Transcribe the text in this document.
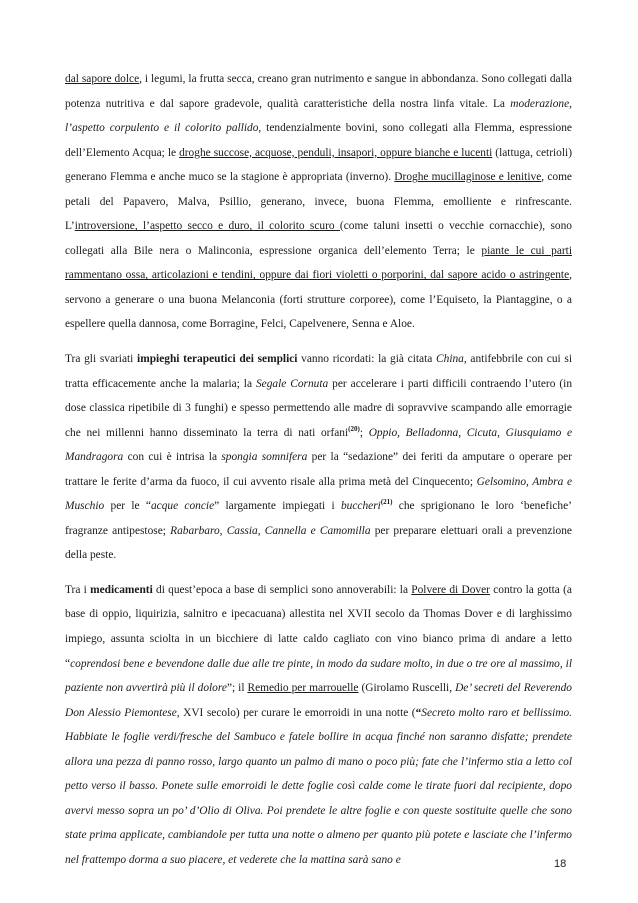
dal sapore dolce, i legumi, la frutta secca, creano gran nutrimento e sangue in abbondanza. Sono collegati dalla potenza nutritiva e dal sapore gradevole, qualità caratteristiche della nostra linfa vitale. La moderazione, l’aspetto corpulento e il colorito pallido, tendenzialmente bovini, sono collegati alla Flemma, espressione dell’Elemento Acqua; le droghe succose, acquose, penduli, insapori, oppure bianche e lucenti (lattuga, cetrioli) generano Flemma e anche muco se la stagione è appropriata (inverno). Droghe mucillaginose e lenitive, come petali del Papavero, Malva, Psillio, generano, invece, buona Flemma, emolliente e rinfrescante. L’introversione, l’aspetto secco e duro, il colorito scuro (come taluni insetti o vecchie cornacchie), sono collegati alla Bile nera o Malinconia, espressione organica dell’elemento Terra; le piante le cui parti rammentano ossa, articolazioni e tendini, oppure dai fiori violetti o porporini, dal sapore acido o astringente, servono a generare o una buona Melanconia (forti strutture corporee), come l’Equiseto, la Piantaggine, o a espellere quella dannosa, come Borragine, Felci, Capelvenere, Senna e Aloe.

Tra gli svariati impieghi terapeutici dei semplici vanno ricordati: la già citata China, antifebbrile con cui si tratta efficacemente anche la malaria; la Segale Cornuta per accelerare i parti difficili contraendo l’utero (in dose classica ripetibile di 3 funghi) e spesso permettendo alle madre di sopravvive scampando alle emorragie che nei millenni hanno disseminato la terra di nati orfani$^{(20)}$; Oppio, Belladonna, Cicuta, Giusquiamo e Mandragora con cui è intrisa la spongia somnifera per la “sedazione” dei feriti da amputare o operare per trattare le ferite d’arma da fuoco, il cui avvento risale alla prima metà del Cinquecento; Gelsomino, Ambra e Muschio per le “acque concie” largamente impiegati i buccheri$^{(21)}$ che sprigionano le loro ‘benefiche’ fragranze antipestose; Rabarbaro, Cassia, Cannella e Camomilla per preparare elettuari orali a prevenzione della peste.

Tra i medicamenti di quest’epoca a base di semplici sono annoverabili: la Polvere di Dover contro la gotta (a base di oppio, liquirizia, salnitro e ipecacuana) allestita nel XVII secolo da Thomas Dover e di larghissimo impiego, assunta sciolta in un bicchiere di latte caldo cagliato con vino bianco prima di andare a letto “coprendosi bene e bevendone dalle due alle tre pinte, in modo da sudare molto, in due o tre ore al massimo, il paziente non avvertirà più il dolore”; il Remedio per marrouelle (Girolamo Ruscelli, De’ secreti del Reverendo Don Alessio Piemontese, XVI secolo) per curare le emorroidi in una notte (“Secreto molto raro et bellissimo. Habbiate le foglie verdi/fresche del Sambuco e fatele bollire in acqua finché non saranno disfatte; prendete allora una pezza di panno rosso, largo quanto un palmo di mano o poco più; fate che l’infermo stia a letto col petto verso il basso. Ponete sulle emorroidi le dette foglie così calde come le tirate fuori dal recipiente, dopo avervi messo sopra un po’ d’Olio di Oliva. Poi prendete le altre foglie e con queste sostituite quelle che sono state prima applicate, cambiandole per tutta una notte o almeno per quanto più potete e lasciate che l’infermo nel frattempo dorma a suo piacere, et vederete che la mattina sarà sano e	18
